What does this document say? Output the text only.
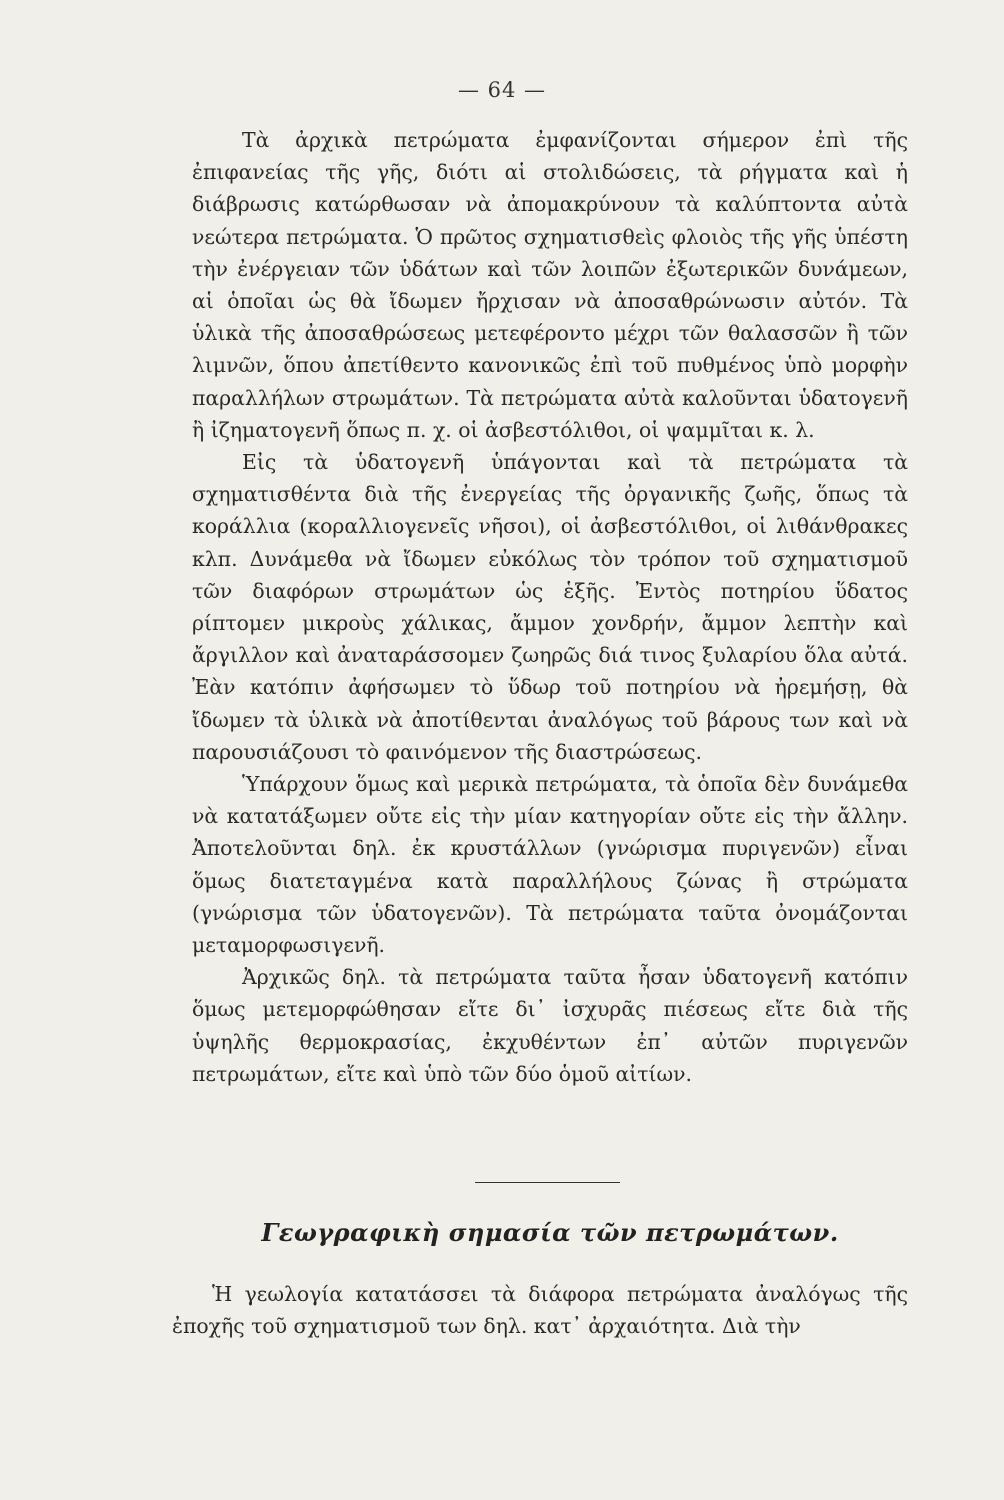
— 64 —

Τὰ ἀρχικὰ πετρώματα ἐμφανίζονται σήμερον ἐπὶ τῆς ἐπιφανείας τῆς γῆς, διότι αἱ στολιδώσεις, τὰ ρήγματα καὶ ἡ διάβρωσις κατώρθωσαν νὰ ἀπομακρύνουν τὰ καλύπτοντα αὐτὰ νεώτερα πετρώματα. Ὁ πρῶτος σχηματισθεὶς φλοιὸς τῆς γῆς ὑπέστη τὴν ἐνέργειαν τῶν ὑδάτων καὶ τῶν λοιπῶν ἐξωτερικῶν δυνάμεων, αἱ ὁποῖαι ὡς θὰ ἴδωμεν ἤρχισαν νὰ ἀποσαθρώνωσιν αὐτόν. Τὰ ὑλικὰ τῆς ἀποσαθρώσεως μετεφέροντο μέχρι τῶν θαλασσῶν ἢ τῶν λιμνῶν, ὅπου ἀπετίθεντο κανονικῶς ἐπὶ τοῦ πυθμένος ὑπὸ μορφὴν παραλλήλων στρωμάτων. Τὰ πετρώματα αὐτὰ καλοῦνται ὑδατογενῆ ἢ ἰζηματογενῆ ὅπως π. χ. οἱ ἀσβεστόλιθοι, οἱ ψαμμῖται κ. λ.

Εἰς τὰ ὑδατογενῆ ὑπάγονται καὶ τὰ πετρώματα τὰ σχηματισθέντα διὰ τῆς ἐνεργείας τῆς ὀργανικῆς ζωῆς, ὅπως τὰ κοράλλια (κοραλλιογενεῖς νῆσοι), οἱ ἀσβεστόλιθοι, οἱ λιθάνθρακες κλπ. Δυνάμεθα νὰ ἴδωμεν εὐκόλως τὸν τρόπον τοῦ σχηματισμοῦ τῶν διαφόρων στρωμάτων ὡς ἑξῆς. Ἐντὸς ποτηρίου ὕδατος ρίπτομεν μικροὺς χάλικας, ἄμμον χονδρήν, ἄμμον λεπτὴν καὶ ἄργιλλον καὶ ἀναταράσσομεν ζωηρῶς διά τινος ξυλαρίου ὅλα αὐτά. Ἐὰν κατόπιν ἀφήσωμεν τὸ ὕδωρ τοῦ ποτηρίου νὰ ἠρεμήσῃ, θὰ ἴδωμεν τὰ ὑλικὰ νὰ ἀποτίθενται ἀναλόγως τοῦ βάρους των καὶ νὰ παρουσιάζουσι τὸ φαινόμενον τῆς διαστρώσεως.

Ὑπάρχουν ὅμως καὶ μερικὰ πετρώματα, τὰ ὁποῖα δὲν δυνάμεθα νὰ κατατάξωμεν οὔτε εἰς τὴν μίαν κατηγορίαν οὔτε εἰς τὴν ἄλλην. Ἀποτελοῦνται δηλ. ἐκ κρυστάλλων (γνώρισμα πυριγενῶν) εἶναι ὅμως διατεταγμένα κατὰ παραλλήλους ζώνας ἢ στρώματα (γνώρισμα τῶν ὑδατογενῶν). Τὰ πετρώματα ταῦτα ὀνομάζονται μεταμορφωσιγενῆ.

Ἀρχικῶς δηλ. τὰ πετρώματα ταῦτα ἦσαν ὑδατογενῆ κατόπιν ὅμως μετεμορφώθησαν εἴτε δι᾽ ἰσχυρᾶς πιέσεως εἴτε διὰ τῆς ὑψηλῆς θερμοκρασίας, ἐκχυθέντων ἐπ᾽ αὐτῶν πυριγενῶν πετρωμάτων, εἴτε καὶ ὑπὸ τῶν δύο ὁμοῦ αἰτίων.

Γεωγραφικὴ σημασία τῶν πετρωμάτων.

Ἡ γεωλογία κατατάσσει τὰ διάφορα πετρώματα ἀναλόγως τῆς ἐποχῆς τοῦ σχηματισμοῦ των δηλ. κατ᾽ ἀρχαιότητα. Διὰ τὴν
